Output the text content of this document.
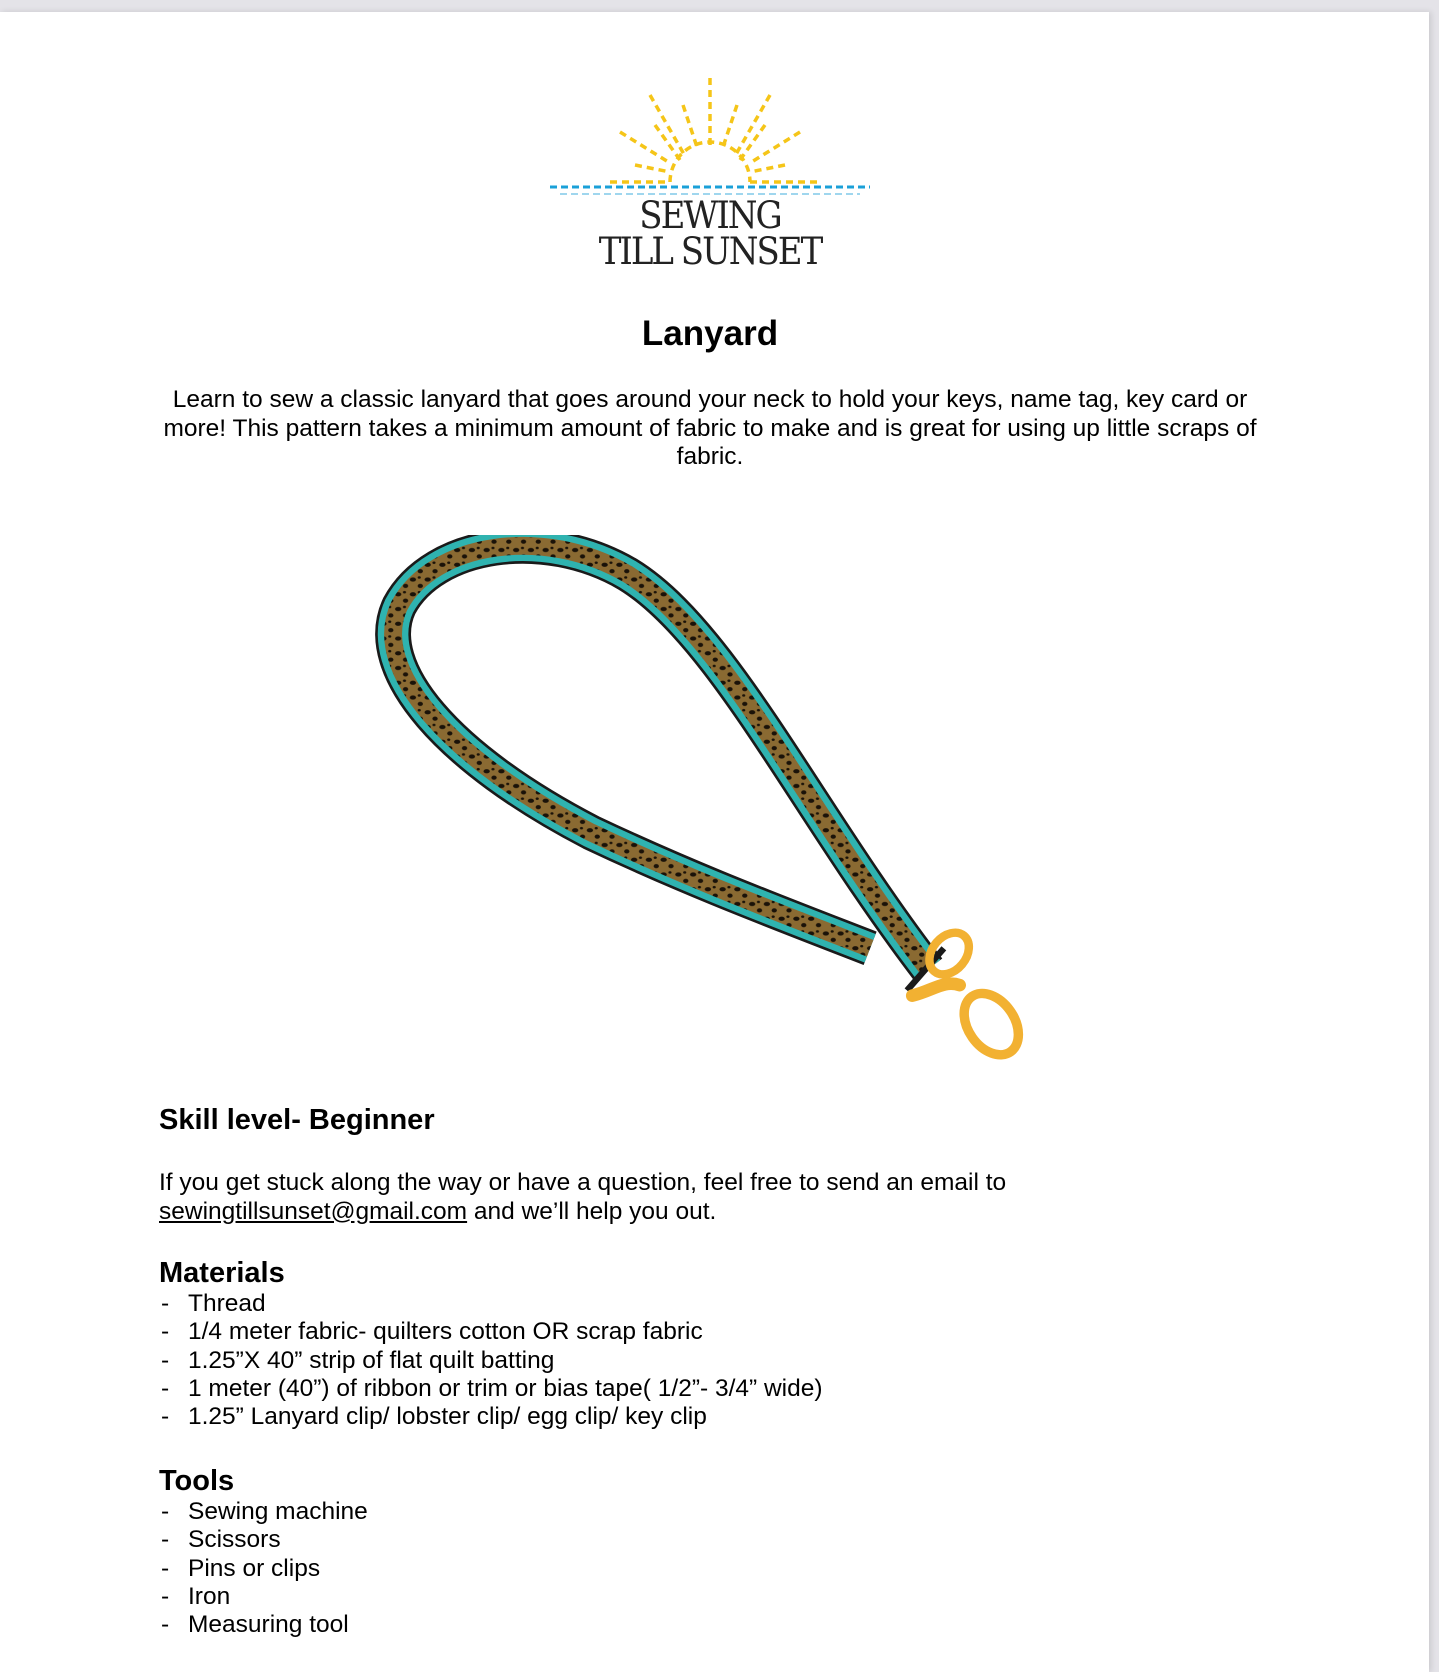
SEWING
TILL SUNSET
Lanyard
Learn to sew a classic lanyard that goes around your neck to hold your keys, name tag, key card or more! This pattern takes a minimum amount of fabric to make and is great for using up little scraps of fabric.
Skill level- Beginner
If you get stuck along the way or have a question, feel free to send an email to sewingtillsunset@gmail.com and we’ll help you out.
Materials
- Thread
- 1/4 meter fabric- quilters cotton OR scrap fabric
- 1.25”X 40” strip of flat quilt batting
- 1 meter (40”) of ribbon or trim or bias tape( 1/2”- 3/4” wide)
- 1.25” Lanyard clip/ lobster clip/ egg clip/ key clip
Tools
- Sewing machine
- Scissors
- Pins or clips
- Iron
- Measuring tool
